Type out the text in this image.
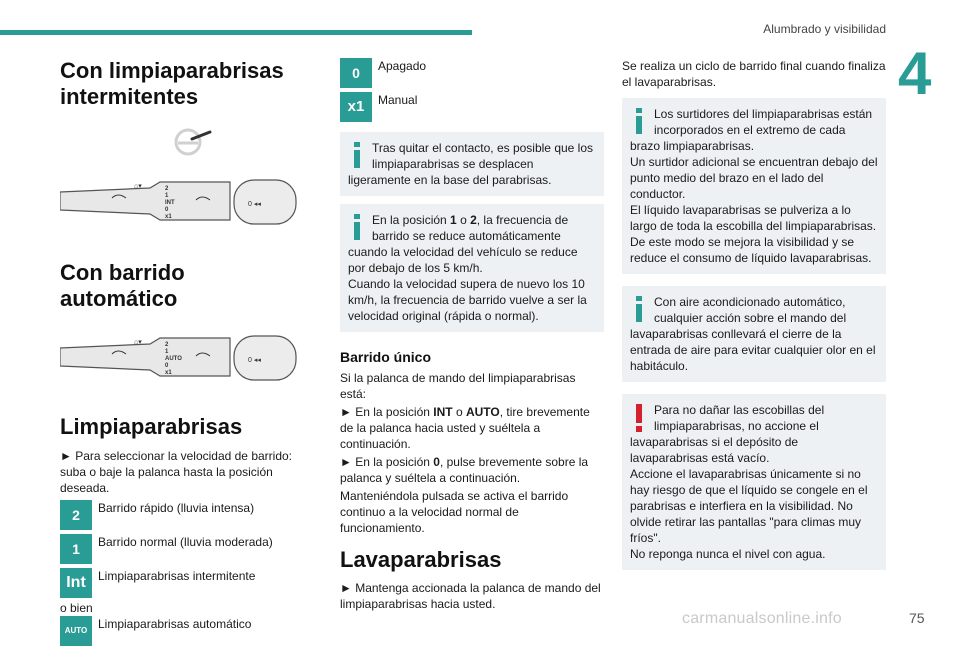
Alumbrado y visibilidad
4
Con limpiaparabrisas intermitentes
⌂▾	2
1
INT
0
x1
0 ◂◂
Con barrido automático
⌂▾	2
1
AUTO
0
x1
0 ◂◂
Limpiaparabrisas

► Para seleccionar la velocidad de barrido: suba o baje la palanca hasta la posición deseada.

2	Barrido rápido (lluvia intensa)
1	Barrido normal (lluvia moderada)
Int	Limpiaparabrisas intermitente

o bien

AUTO Limpiaparabrisas automático
0	Apagado
x1	Manual
Tras quitar el contacto, es posible que los limpiaparabrisas se desplacen ligeramente en la base del parabrisas.
En la posición 1 o 2, la frecuencia de barrido se reduce automáticamente cuando la velocidad del vehículo se reduce por debajo de los 5 km/h.
Cuando la velocidad supera de nuevo los 10 km/h, la frecuencia de barrido vuelve a ser la velocidad original (rápida o normal).
Barrido único

Si la palanca de mando del limpiaparabrisas está:

► En la posición INT o AUTO, tire brevemente de la palanca hacia usted y suéltela a continuación.

► En la posición 0, pulse brevemente sobre la palanca y suéltela a continuación.

Manteniéndola pulsada se activa el barrido continuo a la velocidad normal de funcionamiento.

Lavaparabrisas

► Mantenga accionada la palanca de mando del limpiaparabrisas hacia usted.

Se realiza un ciclo de barrido final cuando finaliza el lavaparabrisas.

Los surtidores del limpiaparabrisas están incorporados en el extremo de cada brazo limpiaparabrisas.
Un surtidor adicional se encuentran debajo del punto medio del brazo en el lado del conductor.
El líquido lavaparabrisas se pulveriza a lo largo de toda la escobilla del limpiaparabrisas. De este modo se mejora la visibilidad y se reduce el consumo de líquido lavaparabrisas.
Con aire acondicionado automático, cualquier acción sobre el mando del lavaparabrisas conllevará el cierre de la entrada de aire para evitar cualquier olor en el habitáculo.
Para no dañar las escobillas del limpiaparabrisas, no accione el lavaparabrisas si el depósito de lavaparabrisas está vacío.
Accione el lavaparabrisas únicamente si no hay riesgo de que el líquido se congele en el parabrisas e interfiera en la visibilidad. No olvide retirar las pantallas "para climas muy fríos".
No reponga nunca el nivel con agua.
carmanualsonline.info	75
